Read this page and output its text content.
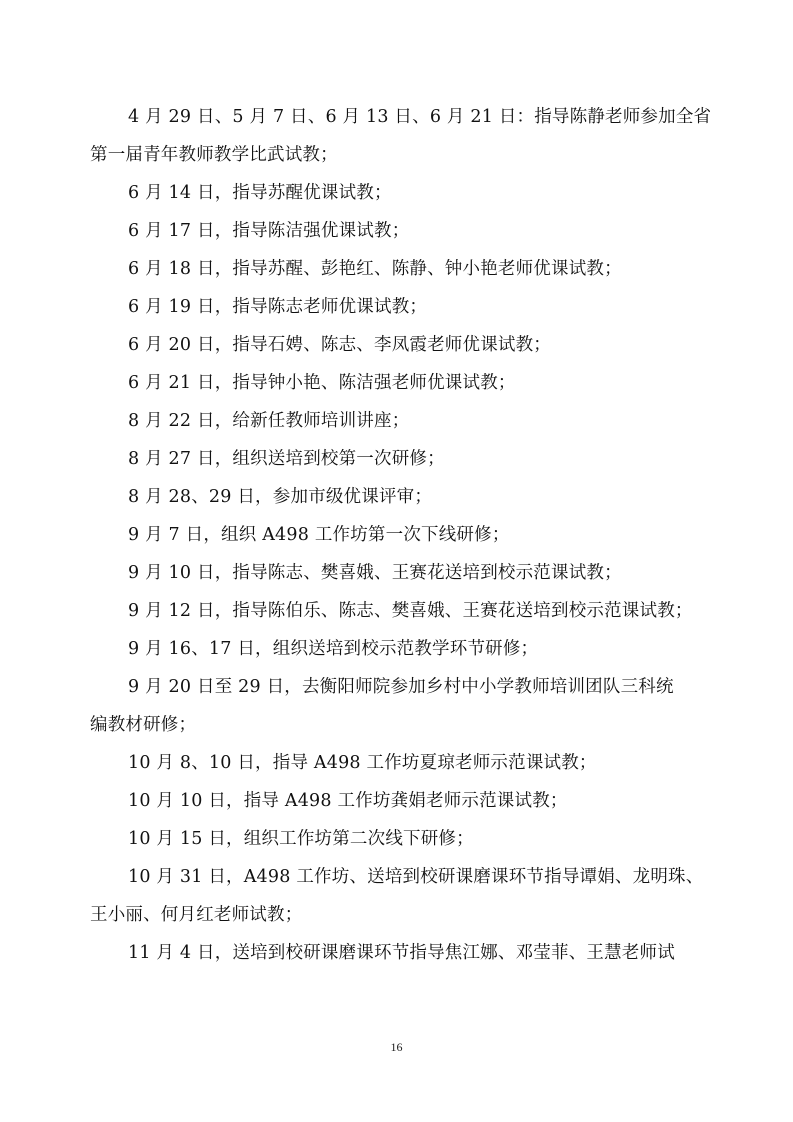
4 月 29 日、5 月 7 日、6 月 13 日、6 月 21 日：指导陈静老师参加全省
第一届青年教师教学比武试教；
6 月 14 日，指导苏醒优课试教；
6 月 17 日，指导陈洁强优课试教；
6 月 18 日，指导苏醒、彭艳红、陈静、钟小艳老师优课试教；
6 月 19 日，指导陈志老师优课试教；
6 月 20 日，指导石娉、陈志、李凤霞老师优课试教；
6 月 21 日，指导钟小艳、陈洁强老师优课试教；
8 月 22 日，给新任教师培训讲座；
8 月 27 日，组织送培到校第一次研修；
8 月 28、29 日，参加市级优课评审；
9 月 7 日，组织 A498 工作坊第一次下线研修；
9 月 10 日，指导陈志、樊喜娥、王赛花送培到校示范课试教；
9 月 12 日，指导陈伯乐、陈志、樊喜娥、王赛花送培到校示范课试教；
9 月 16、17 日，组织送培到校示范教学环节研修；
9 月 20 日至 29 日，去衡阳师院参加乡村中小学教师培训团队三科统
编教材研修；
10 月 8、10 日，指导 A498 工作坊夏琼老师示范课试教；
10 月 10 日，指导 A498 工作坊龚娟老师示范课试教；
10 月 15 日，组织工作坊第二次线下研修；
10 月 31 日，A498 工作坊、送培到校研课磨课环节指导谭娟、龙明珠、
王小丽、何月红老师试教；
11 月 4 日，送培到校研课磨课环节指导焦江娜、邓莹菲、王慧老师试
16
